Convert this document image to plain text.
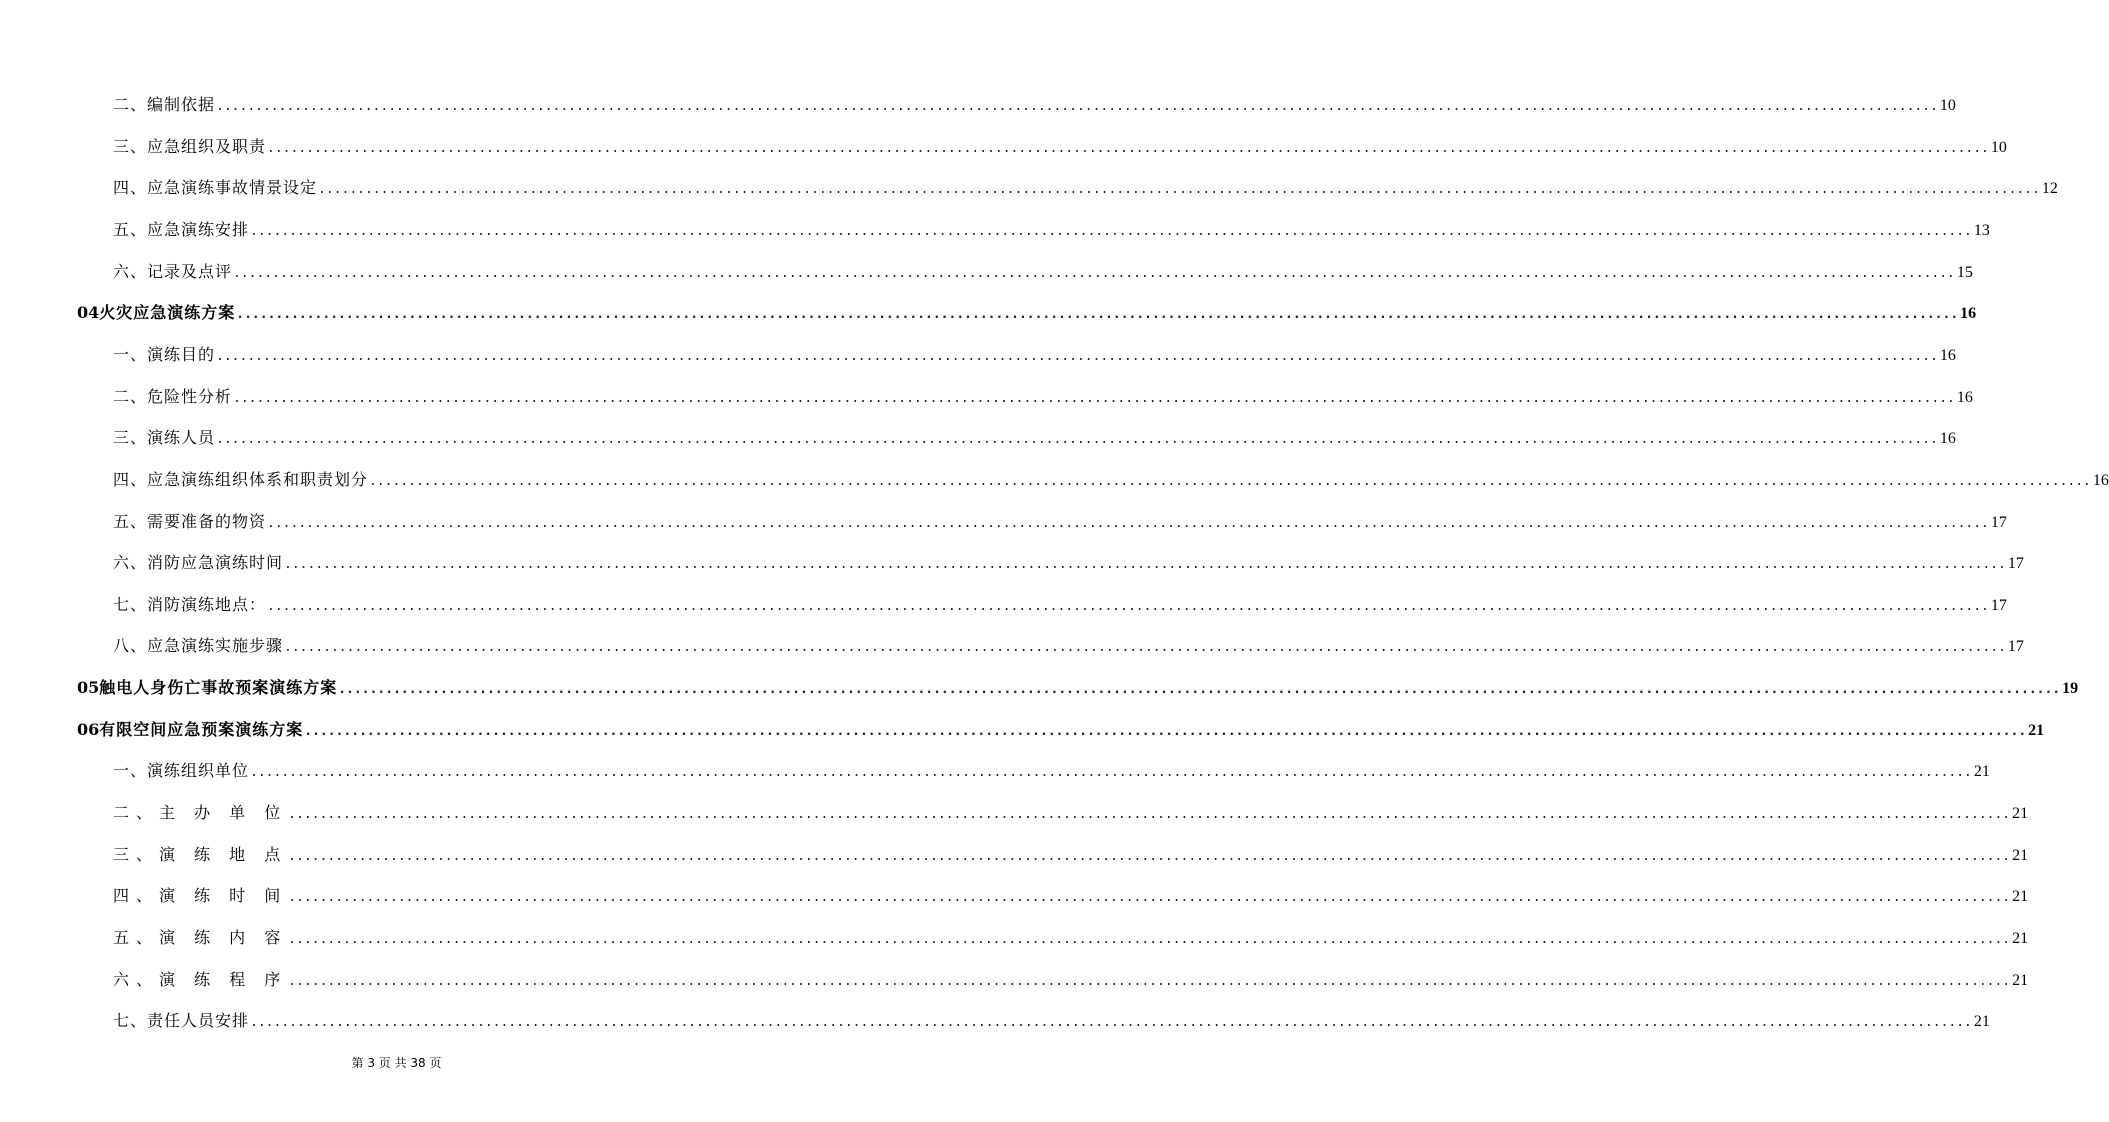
二、编制依据 ............................................................................................................................................................................................................................ 10
三、应急组织及职责 ............................................................................................................................................................................................................................ 10
四、应急演练事故情景设定 ............................................................................................................................................................................................................................ 12
五、应急演练安排 ............................................................................................................................................................................................................................ 13
六、记录及点评 ............................................................................................................................................................................................................................ 15
04 火灾应急演练方案 ............................................................................................................................................................................................................................ 16
一、演练目的 ............................................................................................................................................................................................................................ 16
二、危险性分析 ............................................................................................................................................................................................................................ 16
三、演练人员 ............................................................................................................................................................................................................................ 16
四、应急演练组织体系和职责划分 ............................................................................................................................................................................................................................ 16
五、需要准备的物资 ............................................................................................................................................................................................................................ 17
六、消防应急演练时间 ............................................................................................................................................................................................................................ 17
七、消防演练地点： ............................................................................................................................................................................................................................ 17
八、应急演练实施步骤 ............................................................................................................................................................................................................................ 17
05 触电人身伤亡事故预案演练方案 ............................................................................................................................................................................................................................ 19
06 有限空间应急预案演练方案 ............................................................................................................................................................................................................................ 21
一、演练组织单位 ............................................................................................................................................................................................................................ 21
二、主 办 单 位 ............................................................................................................................................................................................................................ 21
三、演 练 地 点 ............................................................................................................................................................................................................................ 21
四、演 练 时 间 ............................................................................................................................................................................................................................ 21
五、演 练 内 容 ............................................................................................................................................................................................................................ 21
六、演 练 程 序 ............................................................................................................................................................................................................................ 21
七、责任人员安排 ............................................................................................................................................................................................................................ 21
第 3 页 共 38 页
